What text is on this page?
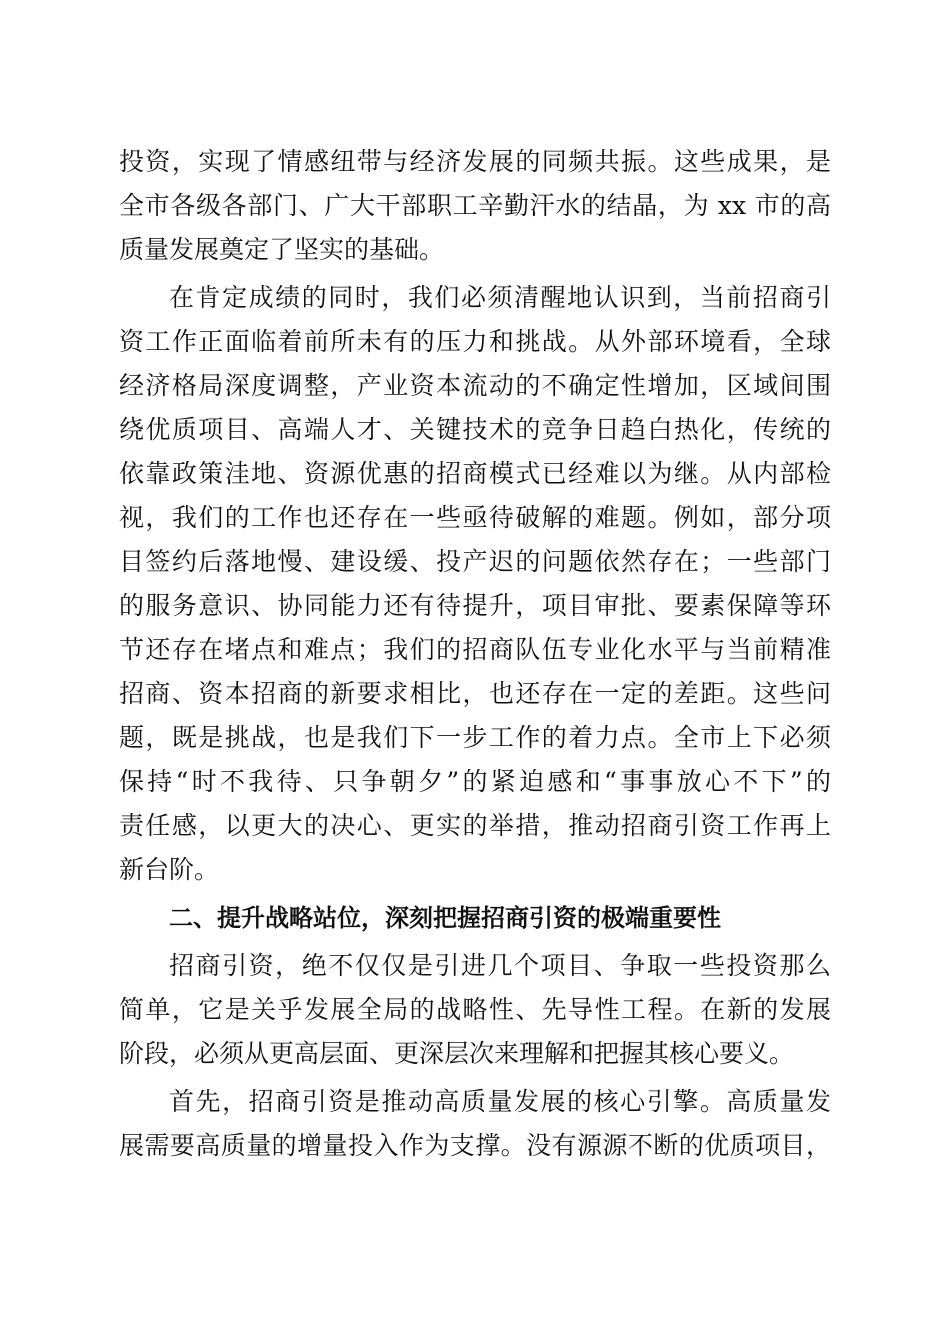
投资，实现了情感纽带与经济发展的同频共振。这些成果，是
全市各级各部门、广大干部职工辛勤汗水的结晶，为 xx 市的高
质量发展奠定了坚实的基础。
在肯定成绩的同时，我们必须清醒地认识到，当前招商引
资工作正面临着前所未有的压力和挑战。从外部环境看，全球
经济格局深度调整，产业资本流动的不确定性增加，区域间围
绕优质项目、高端人才、关键技术的竞争日趋白热化，传统的
依靠政策洼地、资源优惠的招商模式已经难以为继。从内部检
视，我们的工作也还存在一些亟待破解的难题。例如，部分项
目签约后落地慢、建设缓、投产迟的问题依然存在；一些部门
的服务意识、协同能力还有待提升，项目审批、要素保障等环
节还存在堵点和难点；我们的招商队伍专业化水平与当前精准
招商、资本招商的新要求相比，也还存在一定的差距。这些问
题，既是挑战，也是我们下一步工作的着力点。全市上下必须
保持“时不我待、只争朝夕”的紧迫感和“事事放心不下”的
责任感，以更大的决心、更实的举措，推动招商引资工作再上
新台阶。
二、提升战略站位，深刻把握招商引资的极端重要性
招商引资，绝不仅仅是引进几个项目、争取一些投资那么
简单，它是关乎发展全局的战略性、先导性工程。在新的发展
阶段，必须从更高层面、更深层次来理解和把握其核心要义。
首先，招商引资是推动高质量发展的核心引擎。高质量发
展需要高质量的增量投入作为支撑。没有源源不断的优质项目，
